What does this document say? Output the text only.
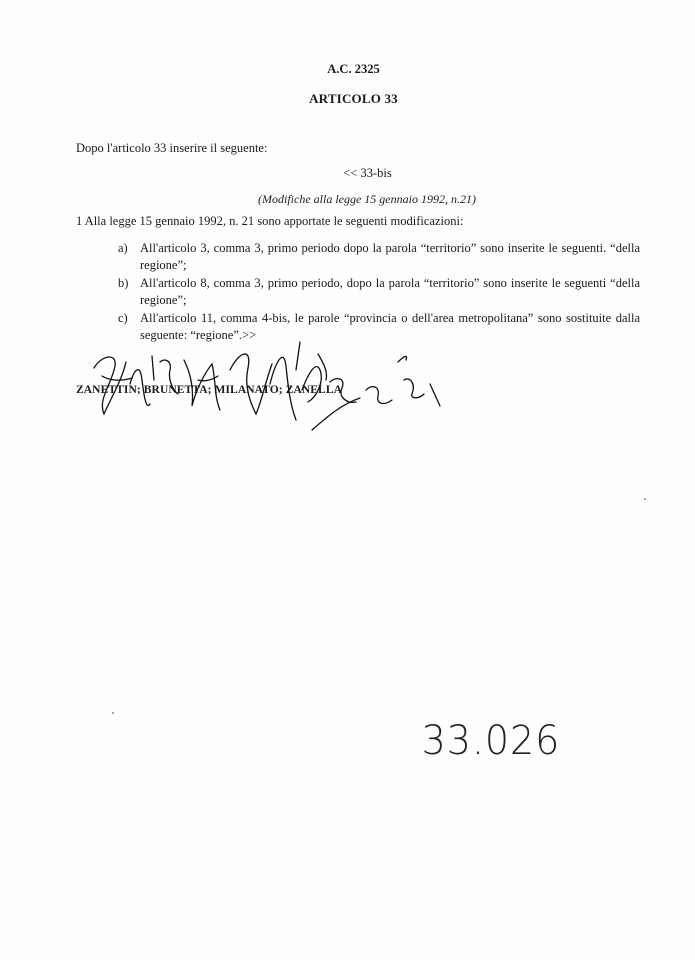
A.C. 2325
ARTICOLO 33
Dopo l'articolo 33 inserire il seguente:
<< 33-bis
(Modifiche alla legge 15 gennaio 1992, n.21)
1 Alla legge 15 gennaio 1992, n. 21 sono apportate le seguenti modificazioni:
a) All'articolo 3, comma 3, primo periodo dopo la parola “territorio” sono inserite le seguenti. “della regione”;
b) All'articolo 8, comma 3, primo periodo, dopo la parola “territorio” sono inserite le seguenti “della regione”;
c) All'articolo 11, comma 4-bis, le parole “provincia o dell'area metropolitana” sono sostituite dalla seguente: “regione”.>>
ZANETTIN; BRUNETTA; MILANATO; ZANELLA
33.026
